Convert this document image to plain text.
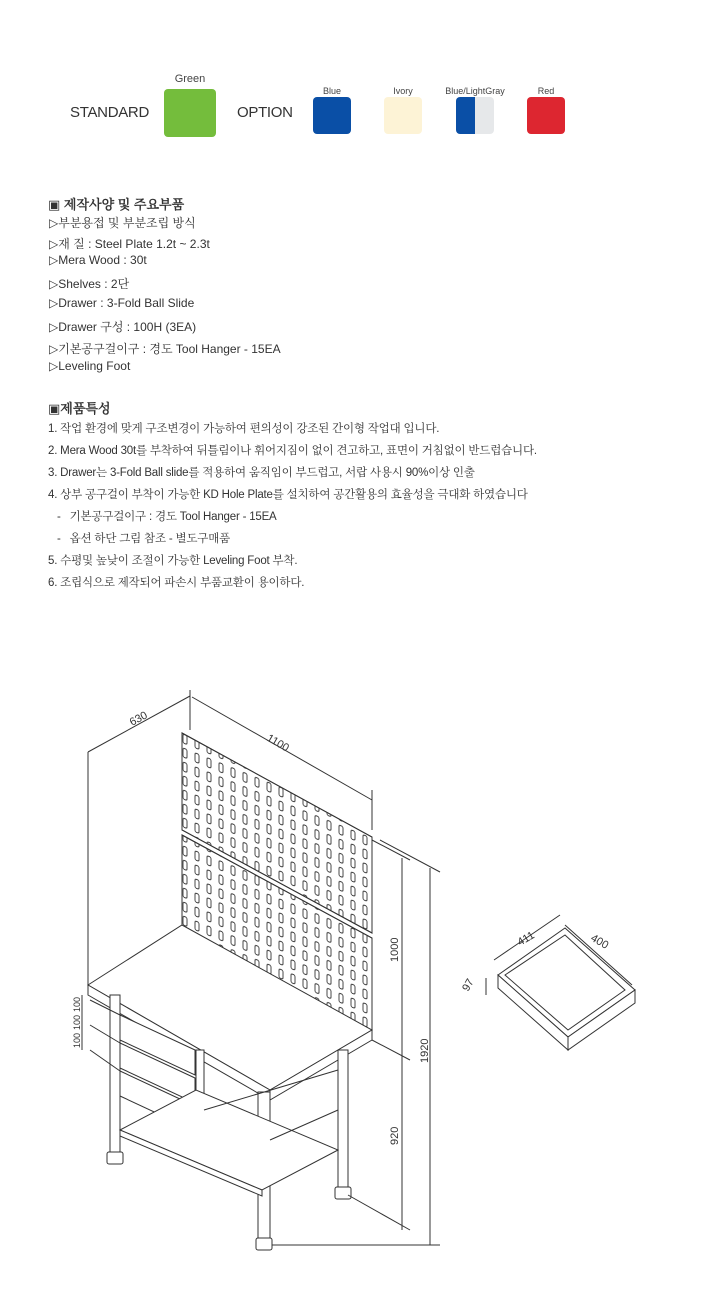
STANDARD
Green
OPTION
Blue	Ivory	Blue/LightGray	Red
▣ 제작사양 및 주요부품
▷부분용접 및 부분조립 방식
▷재 질 : Steel Plate 1.2t ~ 2.3t
▷Mera Wood : 30t
▷Shelves : 2단
▷Drawer : 3-Fold Ball Slide
▷Drawer 구성 : 100H (3EA)
▷기본공구걸이구 : 경도 Tool Hanger - 15EA
▷Leveling Foot
▣제품특성
1. 작업 환경에 맞게 구조변경이 가능하여 편의성이 강조된 간이형 작업대 입니다.
2. Mera Wood 30t를 부착하여 뒤틀림이나 휘어지짐이 없이 견고하고, 표면이 거침없이 반드럽습니다.
3. Drawer는 3-Fold Ball slide를 적용하여 움직임이 부드럽고, 서랍 사용시 90%이상 인출
4. 상부 공구걸이 부착이 가능한 KD Hole Plate를 설치하여 공간활용의 효율성을 극대화 하였습니다
-   기본공구걸이구 : 경도 Tool Hanger - 15EA
-   옵션 하단 그림 참조 - 별도구매품
5. 수평및 높낮이 조절이 가능한 Leveling Foot 부착.
6. 조립식으로 제작되어 파손시 부품교환이 용이하다.
630
1100
1000
920
1920
100
100
100
411	400
97
